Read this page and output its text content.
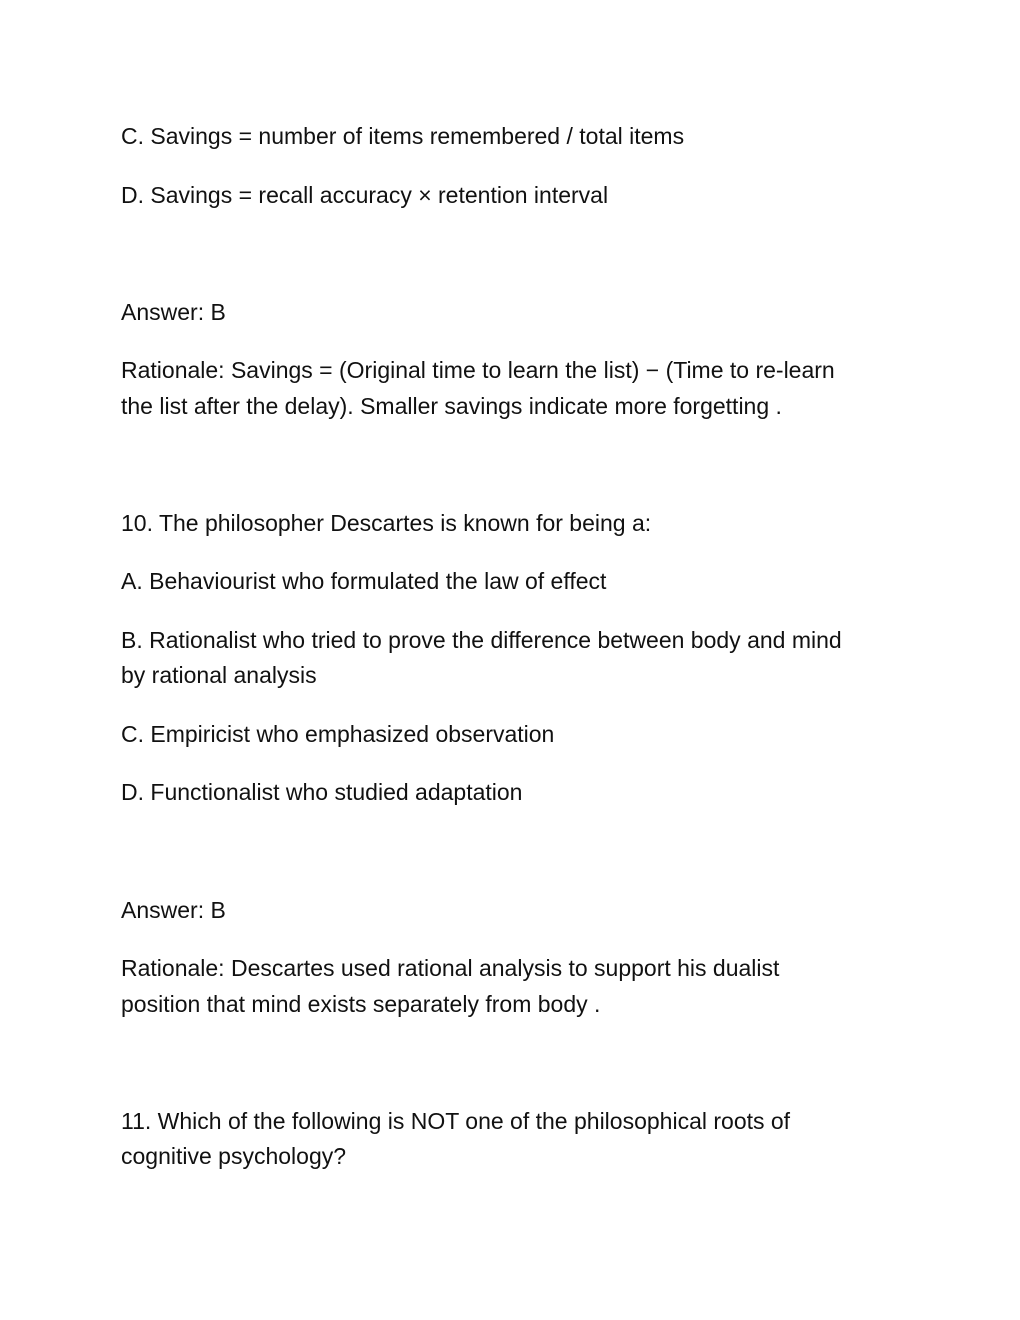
C. Savings = number of items remembered / total items

D. Savings = recall accuracy × retention interval

Answer: B

Rationale: Savings = (Original time to learn the list) − (Time to re-learn

the list after the delay). Smaller savings indicate more forgetting .

10. The philosopher Descartes is known for being a:

A. Behaviourist who formulated the law of effect

B. Rationalist who tried to prove the difference between body and mind

by rational analysis

C. Empiricist who emphasized observation

D. Functionalist who studied adaptation

Answer: B

Rationale: Descartes used rational analysis to support his dualist

position that mind exists separately from body .

11. Which of the following is NOT one of the philosophical roots of

cognitive psychology?
